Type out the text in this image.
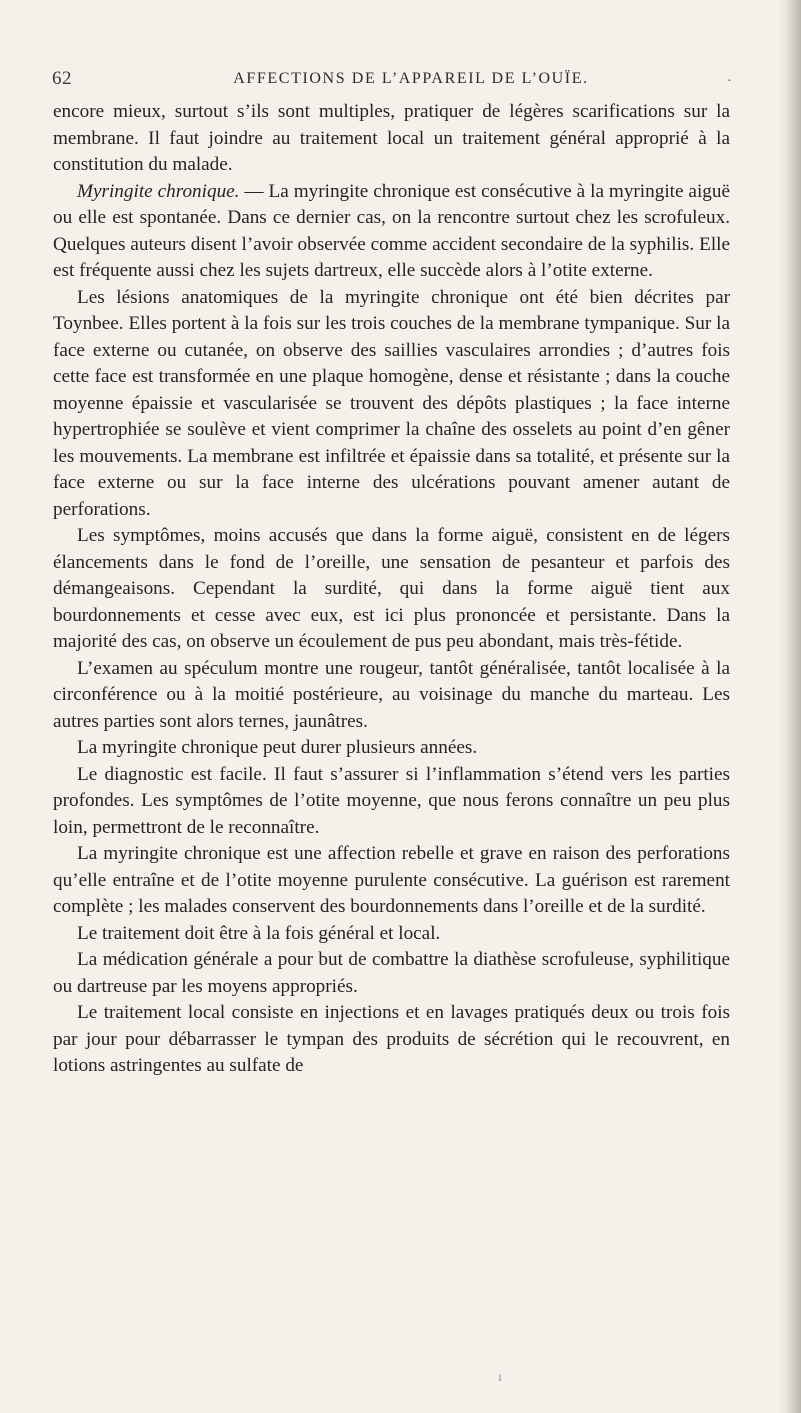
62	AFFECTIONS DE L’APPAREIL DE L’OUÏE.	·

encore mieux, surtout s’ils sont multiples, pratiquer de légères scarifications sur la membrane. Il faut joindre au traitement local un traitement général approprié à la constitution du malade.

Myringite chronique. — La myringite chronique est consécutive à la myringite aiguë ou elle est spontanée. Dans ce dernier cas, on la rencontre surtout chez les scrofuleux. Quelques auteurs disent l’avoir observée comme accident secondaire de la syphilis. Elle est fréquente aussi chez les sujets dartreux, elle succède alors à l’otite externe.

Les lésions anatomiques de la myringite chronique ont été bien décrites par Toynbee. Elles portent à la fois sur les trois couches de la membrane tympanique. Sur la face externe ou cutanée, on observe des saillies vasculaires arrondies ; d’autres fois cette face est transformée en une plaque homogène, dense et résistante ; dans la couche moyenne épaissie et vascularisée se trouvent des dépôts plastiques ; la face interne hypertrophiée se soulève et vient comprimer la chaîne des osselets au point d’en gêner les mouvements. La membrane est infiltrée et épaissie dans sa totalité, et présente sur la face externe ou sur la face interne des ulcérations pouvant amener autant de perforations.

Les symptômes, moins accusés que dans la forme aiguë, consistent en de légers élancements dans le fond de l’oreille, une sensation de pesanteur et parfois des démangeaisons. Cependant la surdité, qui dans la forme aiguë tient aux bourdonnements et cesse avec eux, est ici plus prononcée et persistante. Dans la majorité des cas, on observe un écoulement de pus peu abondant, mais très-fétide.

L’examen au spéculum montre une rougeur, tantôt généralisée, tantôt localisée à la circonférence ou à la moitié postérieure, au voisinage du manche du marteau. Les autres parties sont alors ternes, jaunâtres.

La myringite chronique peut durer plusieurs années.

Le diagnostic est facile. Il faut s’assurer si l’inflammation s’étend vers les parties profondes. Les symptômes de l’otite moyenne, que nous ferons connaître un peu plus loin, permettront de le reconnaître.

La myringite chronique est une affection rebelle et grave en raison des perforations qu’elle entraîne et de l’otite moyenne purulente consécutive. La guérison est rarement complète ; les malades conservent des bourdonnements dans l’oreille et de la surdité.

Le traitement doit être à la fois général et local.

La médication générale a pour but de combattre la diathèse scrofuleuse, syphilitique ou dartreuse par les moyens appropriés.

Le traitement local consiste en injections et en lavages pratiqués deux ou trois fois par jour pour débarrasser le tympan des produits de sécrétion qui le recouvrent, en lotions astringentes au sulfate de

ı
